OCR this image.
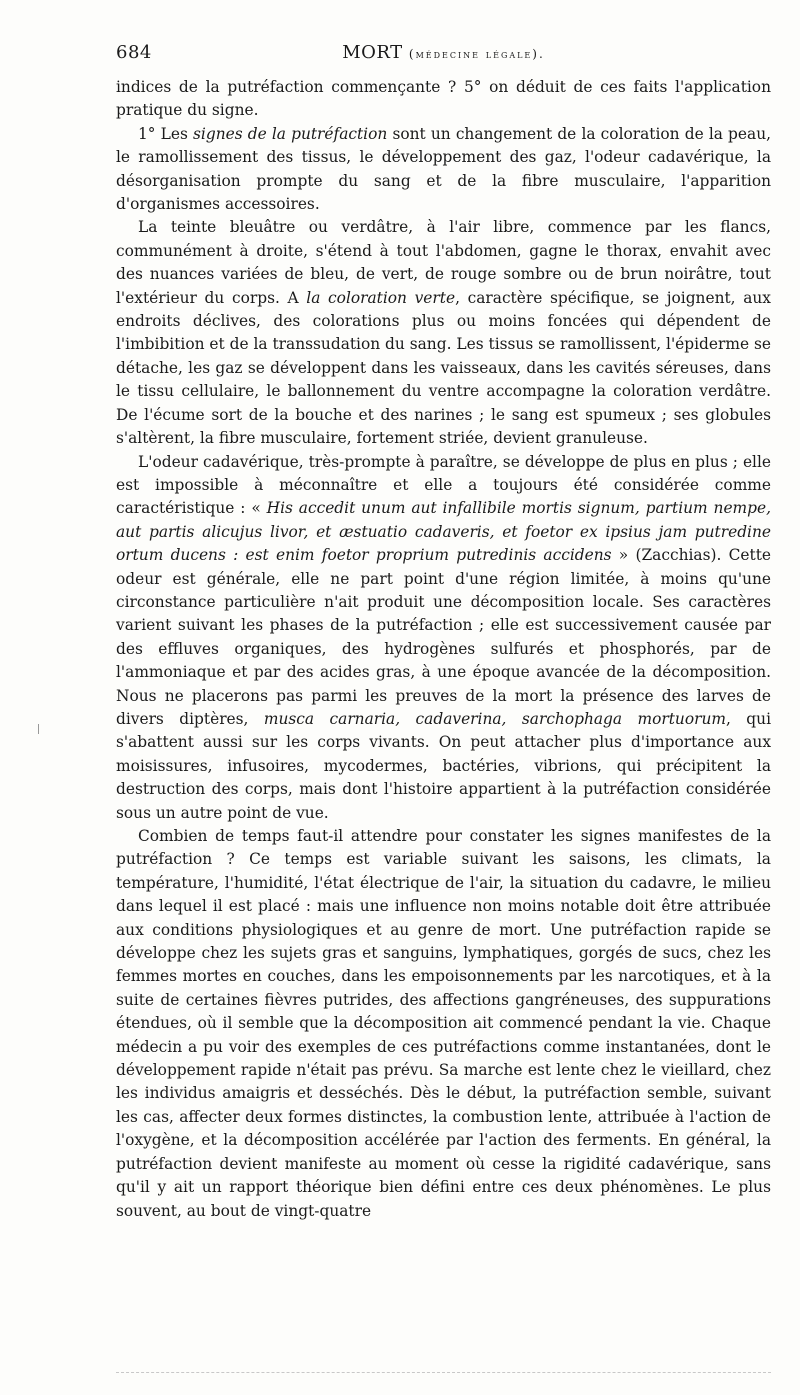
684	MORT (médecine légale).

indices de la putréfaction commençante ? 5° on déduit de ces faits l'application pratique du signe.

1° Les signes de la putréfaction sont un changement de la coloration de la peau, le ramollissement des tissus, le développement des gaz, l'odeur cadavérique, la désorganisation prompte du sang et de la fibre musculaire, l'apparition d'organismes accessoires.

La teinte bleuâtre ou verdâtre, à l'air libre, commence par les flancs, communément à droite, s'étend à tout l'abdomen, gagne le thorax, envahit avec des nuances variées de bleu, de vert, de rouge sombre ou de brun noirâtre, tout l'extérieur du corps. A la coloration verte, caractère spécifique, se joignent, aux endroits déclives, des colorations plus ou moins foncées qui dépendent de l'imbibition et de la transsudation du sang. Les tissus se ramollissent, l'épiderme se détache, les gaz se développent dans les vaisseaux, dans les cavités séreuses, dans le tissu cellulaire, le ballonnement du ventre accompagne la coloration verdâtre. De l'écume sort de la bouche et des narines ; le sang est spumeux ; ses globules s'altèrent, la fibre musculaire, fortement striée, devient granuleuse.

L'odeur cadavérique, très-prompte à paraître, se développe de plus en plus ; elle est impossible à méconnaître et elle a toujours été considérée comme caractéristique : « His accedit unum aut infallibile mortis signum, partium nempe, aut partis alicujus livor, et æstuatio cadaveris, et foetor ex ipsius jam putredine ortum ducens : est enim foetor proprium putredinis accidens » (Zacchias). Cette odeur est générale, elle ne part point d'une région limitée, à moins qu'une circonstance particulière n'ait produit une décomposition locale. Ses caractères varient suivant les phases de la putréfaction ; elle est successivement causée par des effluves organiques, des hydrogènes sulfurés et phosphorés, par de l'ammoniaque et par des acides gras, à une époque avancée de la décomposition. Nous ne placerons pas parmi les preuves de la mort la présence des larves de divers diptères, musca carnaria, cadaverina, sarchophaga mortuorum, qui s'abattent aussi sur les corps vivants. On peut attacher plus d'importance aux moisissures, infusoires, mycodermes, bactéries, vibrions, qui précipitent la destruction des corps, mais dont l'histoire appartient à la putréfaction considérée sous un autre point de vue.

Combien de temps faut-il attendre pour constater les signes manifestes de la putréfaction ? Ce temps est variable suivant les saisons, les climats, la température, l'humidité, l'état électrique de l'air, la situation du cadavre, le milieu dans lequel il est placé : mais une influence non moins notable doit être attribuée aux conditions physiologiques et au genre de mort. Une putréfaction rapide se développe chez les sujets gras et sanguins, lymphatiques, gorgés de sucs, chez les femmes mortes en couches, dans les empoisonnements par les narcotiques, et à la suite de certaines fièvres putrides, des affections gangréneuses, des suppurations étendues, où il semble que la décomposition ait commencé pendant la vie. Chaque médecin a pu voir des exemples de ces putréfactions comme instantanées, dont le développement rapide n'était pas prévu. Sa marche est lente chez le vieillard, chez les individus amaigris et desséchés. Dès le début, la putréfaction semble, suivant les cas, affecter deux formes distinctes, la combustion lente, attribuée à l'action de l'oxygène, et la décomposition accélérée par l'action des ferments. En général, la putréfaction devient manifeste au moment où cesse la rigidité cadavérique, sans qu'il y ait un rapport théorique bien défini entre ces deux phénomènes. Le plus souvent, au bout de vingt-quatre
